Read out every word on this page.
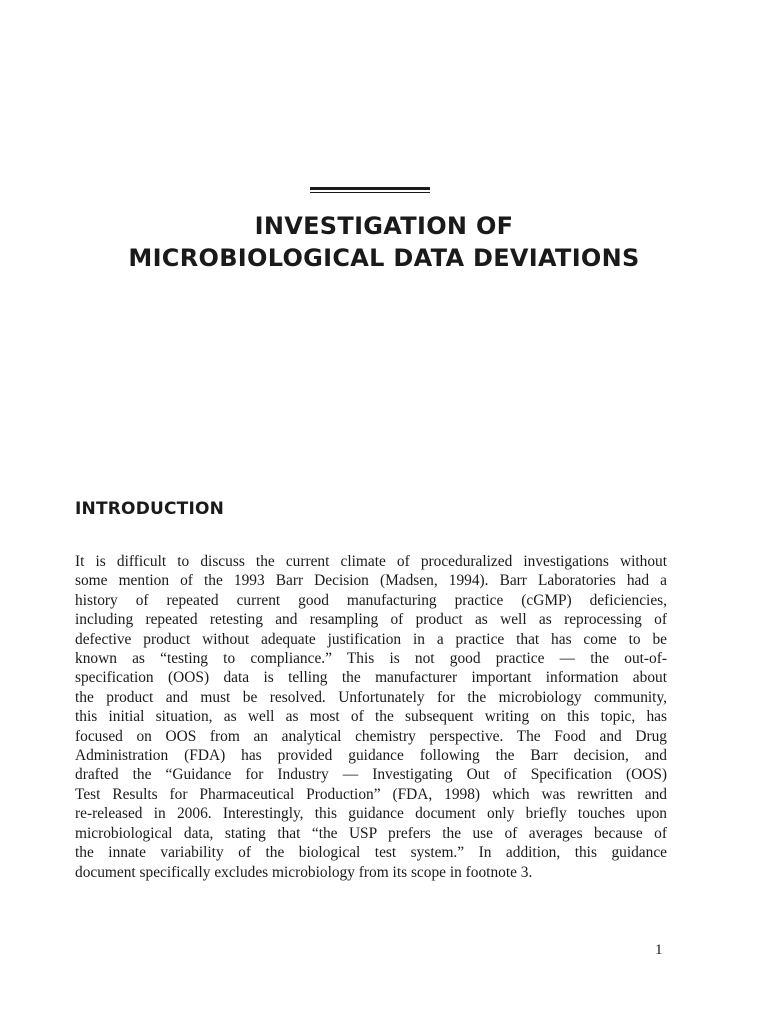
INVESTIGATION OF
MICROBIOLOGICAL DATA DEVIATIONS
INTRODUCTION

It is difficult to discuss the current climate of proceduralized investigations without
some mention of the 1993 Barr Decision (Madsen, 1994). Barr Laboratories had a
history of repeated current good manufacturing practice (cGMP) deficiencies,
including repeated retesting and resampling of product as well as reprocessing of
defective product without adequate justification in a practice that has come to be
known as “testing to compliance.” This is not good practice — the out-of-
specification (OOS) data is telling the manufacturer important information about
the product and must be resolved. Unfortunately for the microbiology community,
this initial situation, as well as most of the subsequent writing on this topic, has
focused on OOS from an analytical chemistry perspective. The Food and Drug
Administration (FDA) has provided guidance following the Barr decision, and
drafted the “Guidance for Industry — Investigating Out of Specification (OOS)
Test Results for Pharmaceutical Production” (FDA, 1998) which was rewritten and
re-released in 2006. Interestingly, this guidance document only briefly touches upon
microbiological data, stating that “the USP prefers the use of averages because of
the innate variability of the biological test system.” In addition, this guidance
document specifically excludes microbiology from its scope in footnote 3.

1
